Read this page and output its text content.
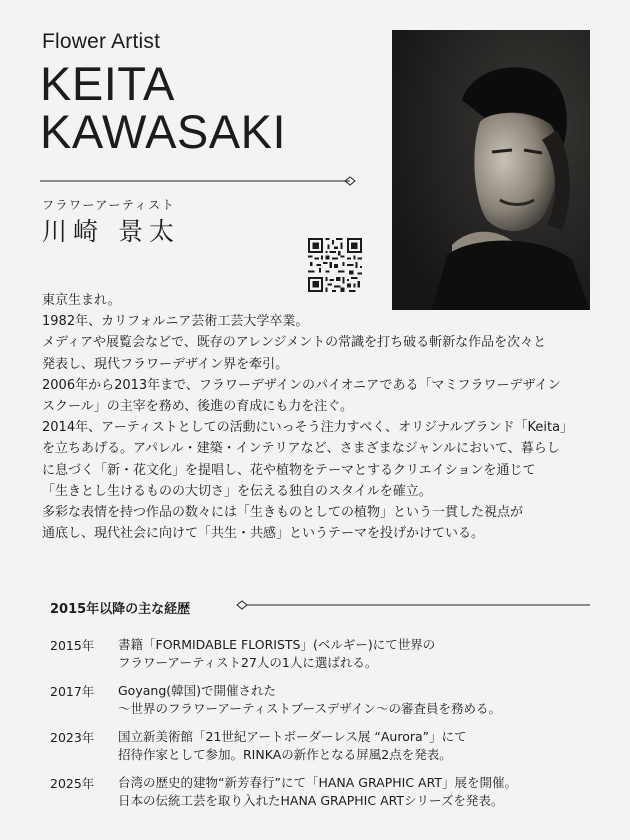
Flower Artist
KEITA
KAWASAKI
フラワーアーティスト
川崎 景太

東京生まれ。

1982年、カリフォルニア芸術工芸大学卒業。

メディアや展覧会などで、既存のアレンジメントの常識を打ち破る斬新な作品を次々と

発表し、現代フラワーデザイン界を牽引。

2006年から2013年まで、フラワーデザインのパイオニアである「マミフラワーデザイン

スクール」の主宰を務め、後進の育成にも力を注ぐ。

2014年、アーティストとしての活動にいっそう注力すべく、オリジナルブランド「Keita」

を立ちあげる。アパレル・建築・インテリアなど、さまざまなジャンルにおいて、暮らし

に息づく「新・花文化」を提唱し、花や植物をテーマとするクリエイションを通じて

「生きとし生けるものの大切さ」を伝える独自のスタイルを確立。

多彩な表情を持つ作品の数々には「生きものとしての植物」という一貫した視点が

通底し、現代社会に向けて「共生・共感」というテーマを投げかけている。

2015年以降の主な経歴
2015年	書籍「FORMIDABLE FLORISTS」(ベルギー)にて世界の
フラワーアーティスト27人の1人に選ばれる。
2017年	Goyang(韓国)で開催された
～世界のフラワーアーティストブースデザイン～の審査員を務める。
2023年	国立新美術館「21世紀アートボーダーレス展 “Aurora”」にて
招待作家として参加。RINKAの新作となる屏風2点を発表。
2025年	台湾の歴史的建物“新芳春行”にて「HANA GRAPHIC ART」展を開催。
日本の伝統工芸を取り入れたHANA GRAPHIC ARTシリーズを発表。
